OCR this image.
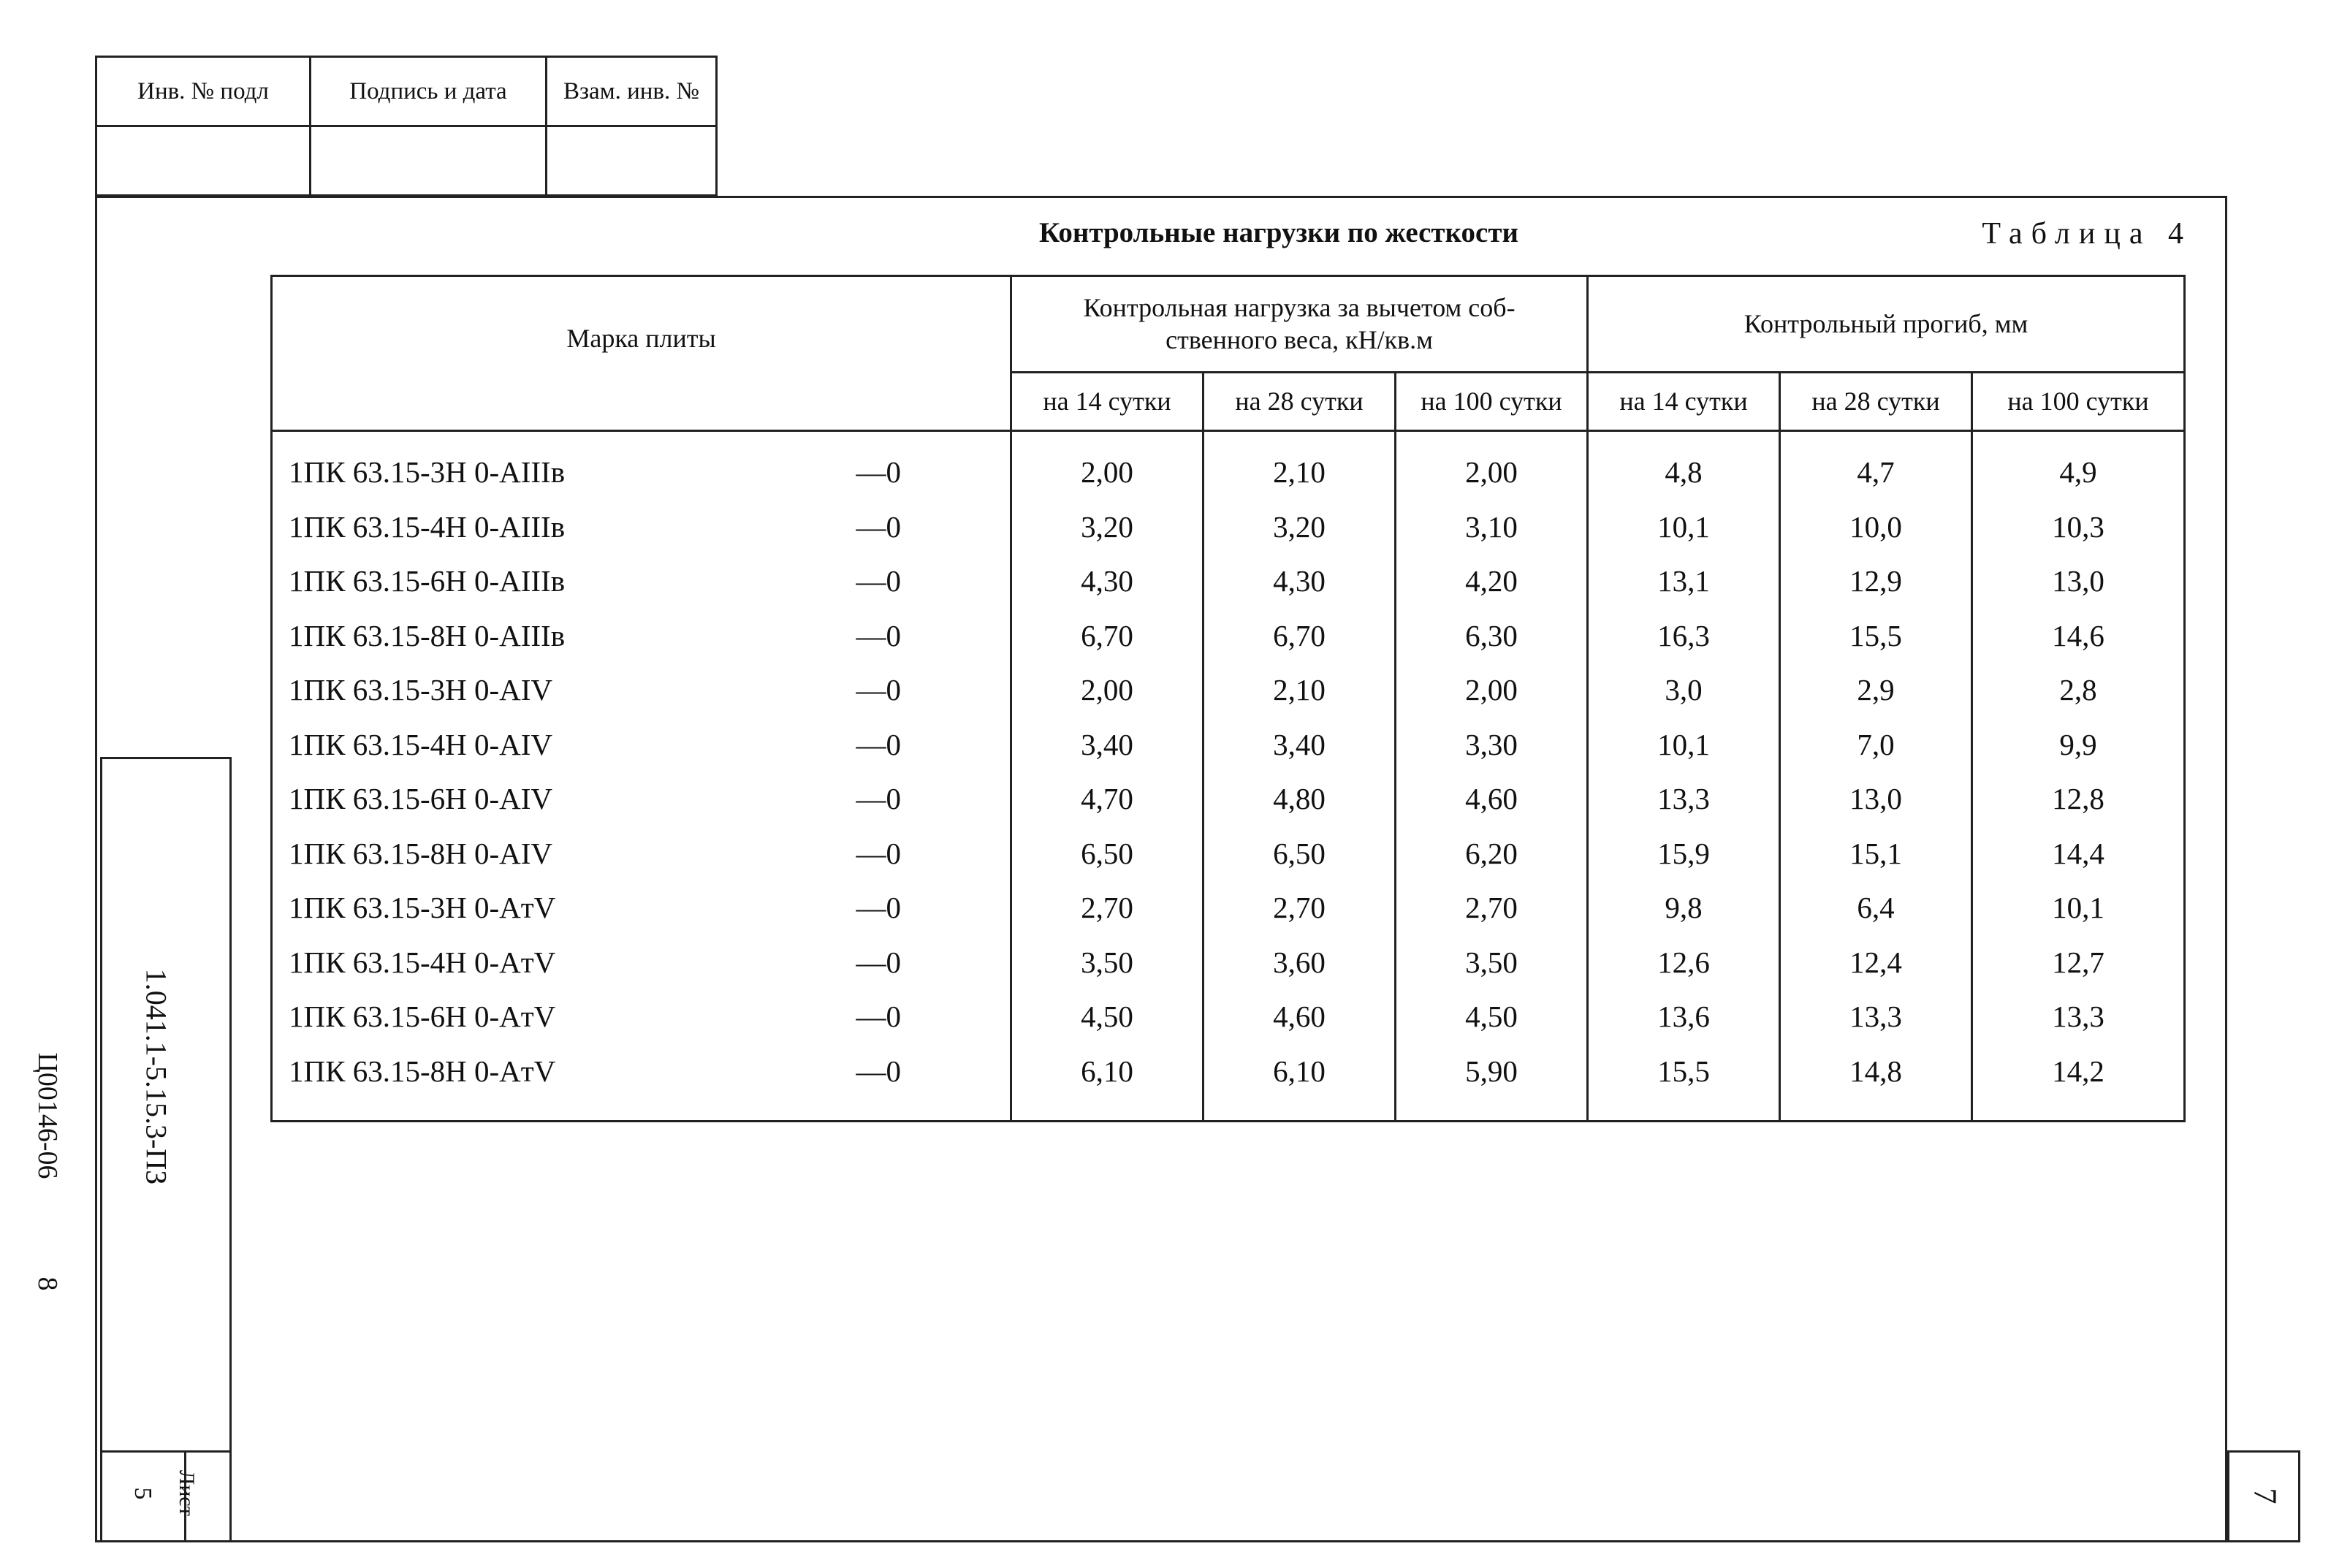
Инв. № подл	Подпись и дата	Взам. инв. №

1.041.1-5.15.3-ПЗ
Лист
5
Ц00146-06
8
7
Контрольные нагрузки по жесткости	Таблица 4
Марка плиты		Контрольная нагрузка за вычетом соб-
ственного веса, кН/кв.м			Контрольный прогиб, мм		
		на 14 сутки	на 28 сутки	на 100 сутки	на 14 сутки	на 28 сутки	на 100 сутки
1ПК 63.15-3Н 0-AIIIв	—0	2,00	2,10	2,00	4,8	4,7	4,9
1ПК 63.15-4Н 0-AIIIв	—0	3,20	3,20	3,10	10,1	10,0	10,3
1ПК 63.15-6Н 0-AIIIв	—0	4,30	4,30	4,20	13,1	12,9	13,0
1ПК 63.15-8Н 0-AIIIв	—0	6,70	6,70	6,30	16,3	15,5	14,6
1ПК 63.15-3Н 0-AIV	—0	2,00	2,10	2,00	3,0	2,9	2,8
1ПК 63.15-4Н 0-AIV	—0	3,40	3,40	3,30	10,1	7,0	9,9
1ПК 63.15-6Н 0-AIV	—0	4,70	4,80	4,60	13,3	13,0	12,8
1ПК 63.15-8Н 0-AIV	—0	6,50	6,50	6,20	15,9	15,1	14,4
1ПК 63.15-3Н 0-AтV	—0	2,70	2,70	2,70	9,8	6,4	10,1
1ПК 63.15-4Н 0-AтV	—0	3,50	3,60	3,50	12,6	12,4	12,7
1ПК 63.15-6Н 0-AтV	—0	4,50	4,60	4,50	13,6	13,3	13,3
1ПК 63.15-8Н 0-AтV	—0	6,10	6,10	5,90	15,5	14,8	14,2
